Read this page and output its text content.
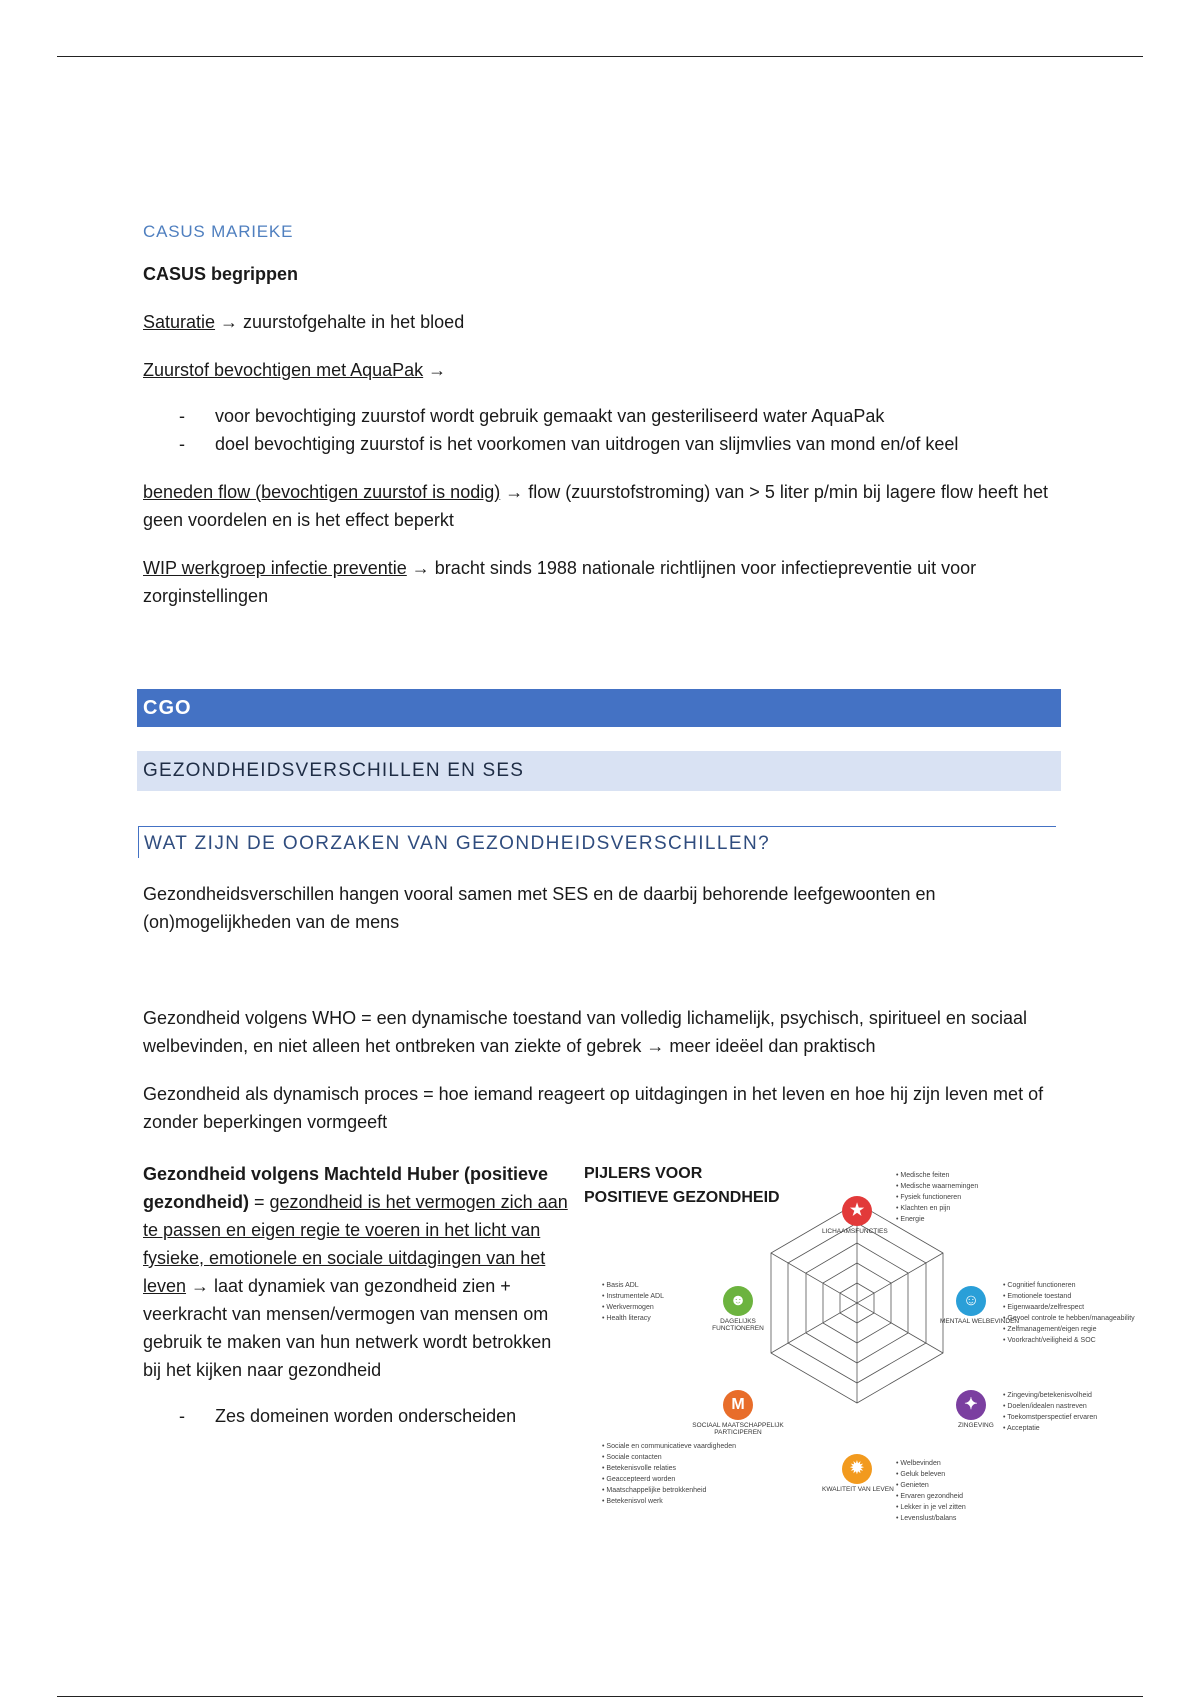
CASUS MARIEKE

CASUS begrippen

Saturatie → zuurstofgehalte in het bloed

Zuurstof bevochtigen met AquaPak →

- voor bevochtiging zuurstof wordt gebruik gemaakt van gesteriliseerd water AquaPak
- doel bevochtiging zuurstof is het voorkomen van uitdrogen van slijmvlies van mond en/of keel

beneden flow (bevochtigen zuurstof is nodig) → flow (zuurstofstroming) van > 5 liter p/min bij lagere flow heeft het geen voordelen en is het effect beperkt

WIP werkgroep infectie preventie → bracht sinds 1988 nationale richtlijnen voor infectiepreventie uit voor zorginstellingen

CGO
GEZONDHEIDSVERSCHILLEN EN SES
WAT ZIJN DE OORZAKEN VAN GEZONDHEIDSVERSCHILLEN?

Gezondheidsverschillen hangen vooral samen met SES en de daarbij behorende leefgewoonten en (on)mogelijkheden van de mens

Gezondheid volgens WHO = een dynamische toestand van volledig lichamelijk, psychisch, spiritueel en sociaal welbevinden, en niet alleen het ontbreken van ziekte of gebrek → meer ideëel dan praktisch

Gezondheid als dynamisch proces = hoe iemand reageert op uitdagingen in het leven en hoe hij zijn leven met of zonder beperkingen vormgeeft

Gezondheid volgens Machteld Huber (positieve gezondheid) = gezondheid is het vermogen zich aan te passen en eigen regie te voeren in het licht van fysieke, emotionele en sociale uitdagingen van het leven → laat dynamiek van gezondheid zien + veerkracht van mensen/vermogen van mensen om gebruik te maken van hun netwerk wordt betrokken bij het kijken naar gezondheid

- Zes domeinen worden onderscheiden
PIJLERS VOOR
POSITIEVE GEZONDHEID
★
LICHAAMSFUNCTIES
• Medische feiten
• Medische waarnemingen
• Fysiek functioneren
• Klachten en pijn
• Energie
☺
MENTAAL WELBEVINDEN
• Cognitief functioneren
• Emotionele toestand
• Eigenwaarde/zelfrespect
• Gevoel controle te hebben/manageability
• Zelfmanagement/eigen regie
• Voorkracht/veiligheid & SOC
✦
ZINGEVING
• Zingeving/betekenisvolheid
• Doelen/idealen nastreven
• Toekomstperspectief ervaren
• Acceptatie
✹
KWALITEIT VAN LEVEN
• Welbevinden
• Geluk beleven
• Genieten
• Ervaren gezondheid
• Lekker in je vel zitten
• Levenslust/balans
M
SOCIAAL MAATSCHAPPELIJK PARTICIPEREN
• Sociale en communicatieve vaardigheden
• Sociale contacten
• Betekenisvolle relaties
• Geaccepteerd worden
• Maatschappelijke betrokkenheid
• Betekenisvol werk
☻
DAGELIJKS FUNCTIONEREN
• Basis ADL
• Instrumentele ADL
• Werkvermogen
• Health literacy
